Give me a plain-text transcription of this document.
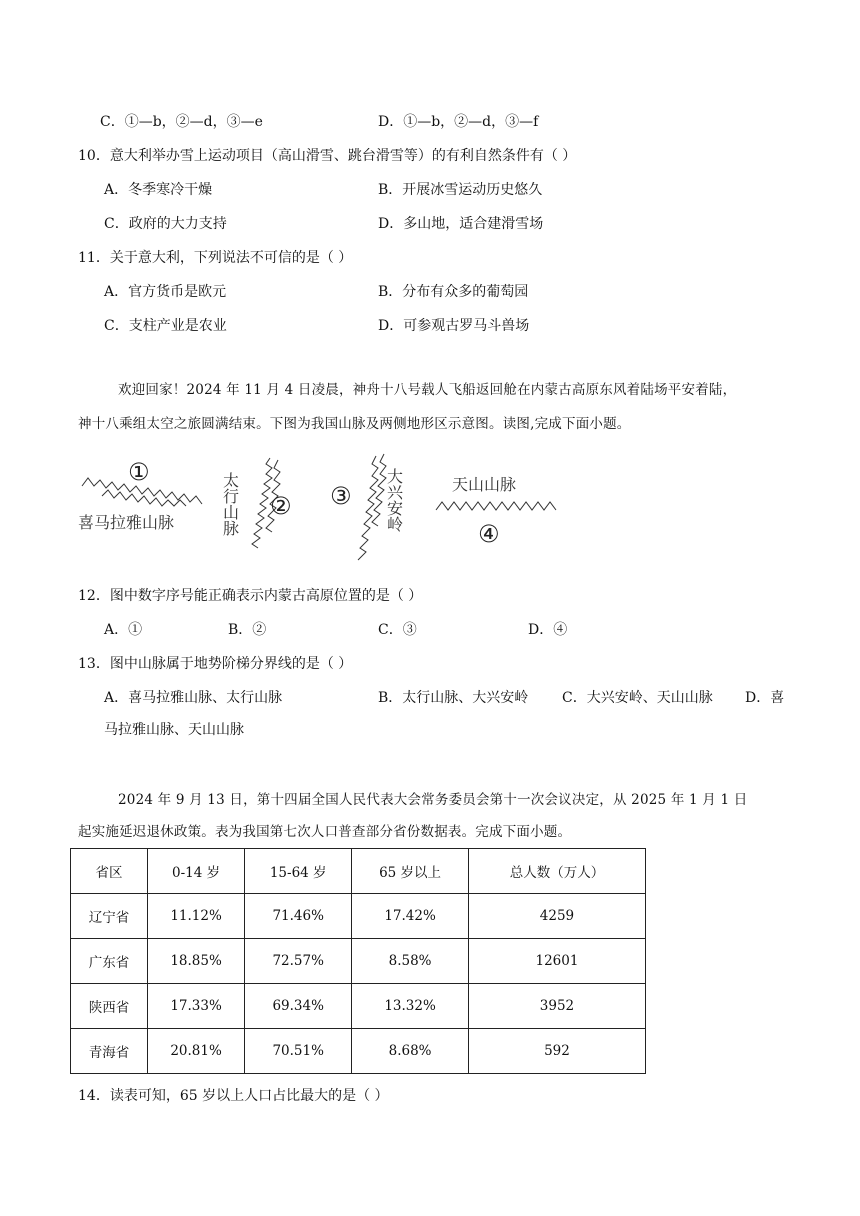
C．①—b，②—d，③—e	D．①—b，②—d，③—f
10．意大利举办雪上运动项目（高山滑雪、跳台滑雪等）的有利自然条件有（ ）
A．冬季寒冷干燥	B．开展冰雪运动历史悠久
C．政府的大力支持	D．多山地，适合建滑雪场
11．关于意大利，下列说法不可信的是（ ）
A．官方货币是欧元	B．分布有众多的葡萄园
C．支柱产业是农业	D．可参观古罗马斗兽场
欢迎回家！2024 年 11 月 4 日凌晨，神舟十八号载人飞船返回舱在内蒙古高原东风着陆场平安着陆，
神十八乘组太空之旅圆满结束。下图为我国山脉及两侧地形区示意图。读图,完成下面小题。
①
喜马拉雅山脉	太行山脉 ② ③ 大兴安岭	天山山脉
④
12．图中数字序号能正确表示内蒙古高原位置的是（ ）
A．①	B．②	C．③	D．④
13．图中山脉属于地势阶梯分界线的是（ ）
A．喜马拉雅山脉、太行山脉	B．太行山脉、大兴安岭 C．大兴安岭、天山山脉 D．喜
马拉雅山脉、天山山脉
2024 年 9 月 13 日，第十四届全国人民代表大会常务委员会第十一次会议决定，从 2025 年 1 月 1 日
起实施延迟退休政策。表为我国第七次人口普查部分省份数据表。完成下面小题。
省区	0-14 岁	15-64 岁	65 岁以上	总人数（万人）
辽宁省	11.12%	71.46%	17.42%	4259
广东省	18.85%	72.57%	8.58%	12601
陕西省	17.33%	69.34%	13.32%	3952
青海省	20.81%	70.51%	8.68%	592
14．读表可知，65 岁以上人口占比最大的是（ ）
